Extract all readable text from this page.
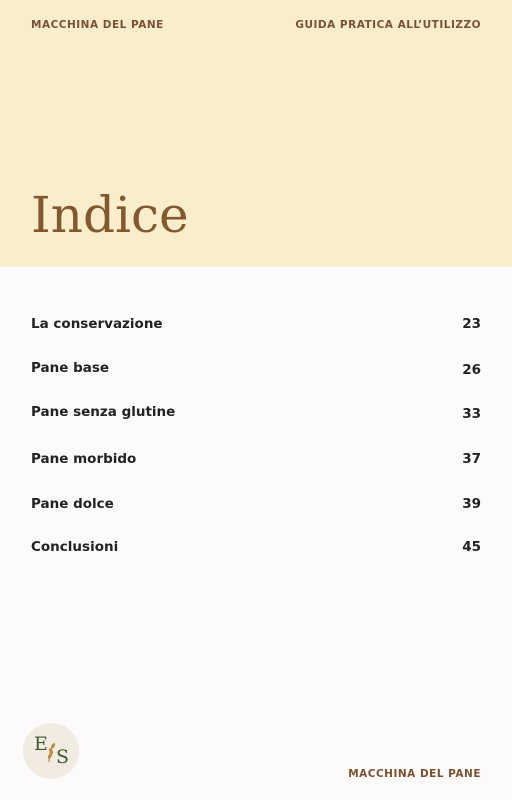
MACCHINA DEL PANE	GUIDA PRATICA ALL’UTILIZZO
Indice
La conservazione	23
Pane base	26
Pane senza glutine	33
Pane morbido	37
Pane dolce	39
Conclusioni	45
E
S
MACCHINA DEL PANE
